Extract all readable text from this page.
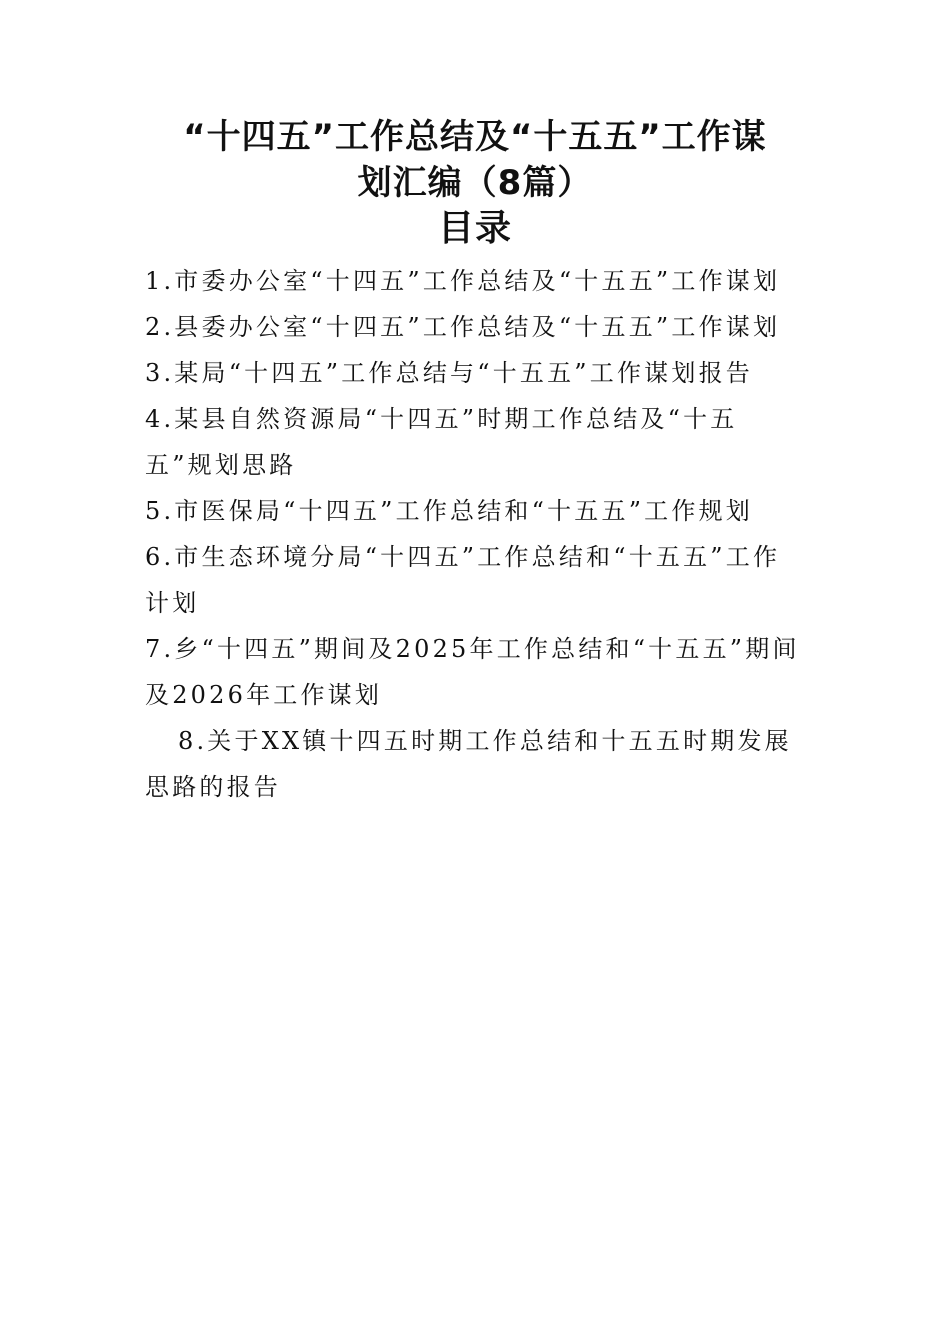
“十四五”工作总结及“十五五”工作谋
划汇编（8篇）
目录
1.市委办公室“十四五”工作总结及“十五五”工作谋划
2.县委办公室“十四五”工作总结及“十五五”工作谋划
3.某局“十四五”工作总结与“十五五”工作谋划报告
4.某县自然资源局“十四五”时期工作总结及“十五五”规划思路
5.市医保局“十四五”工作总结和“十五五”工作规划
6.市生态环境分局“十四五”工作总结和“十五五”工作计划
7.乡“十四五”期间及2025年工作总结和“十五五”期间及2026年工作谋划
8.关于XX镇十四五时期工作总结和十五五时期发展思路的报告
